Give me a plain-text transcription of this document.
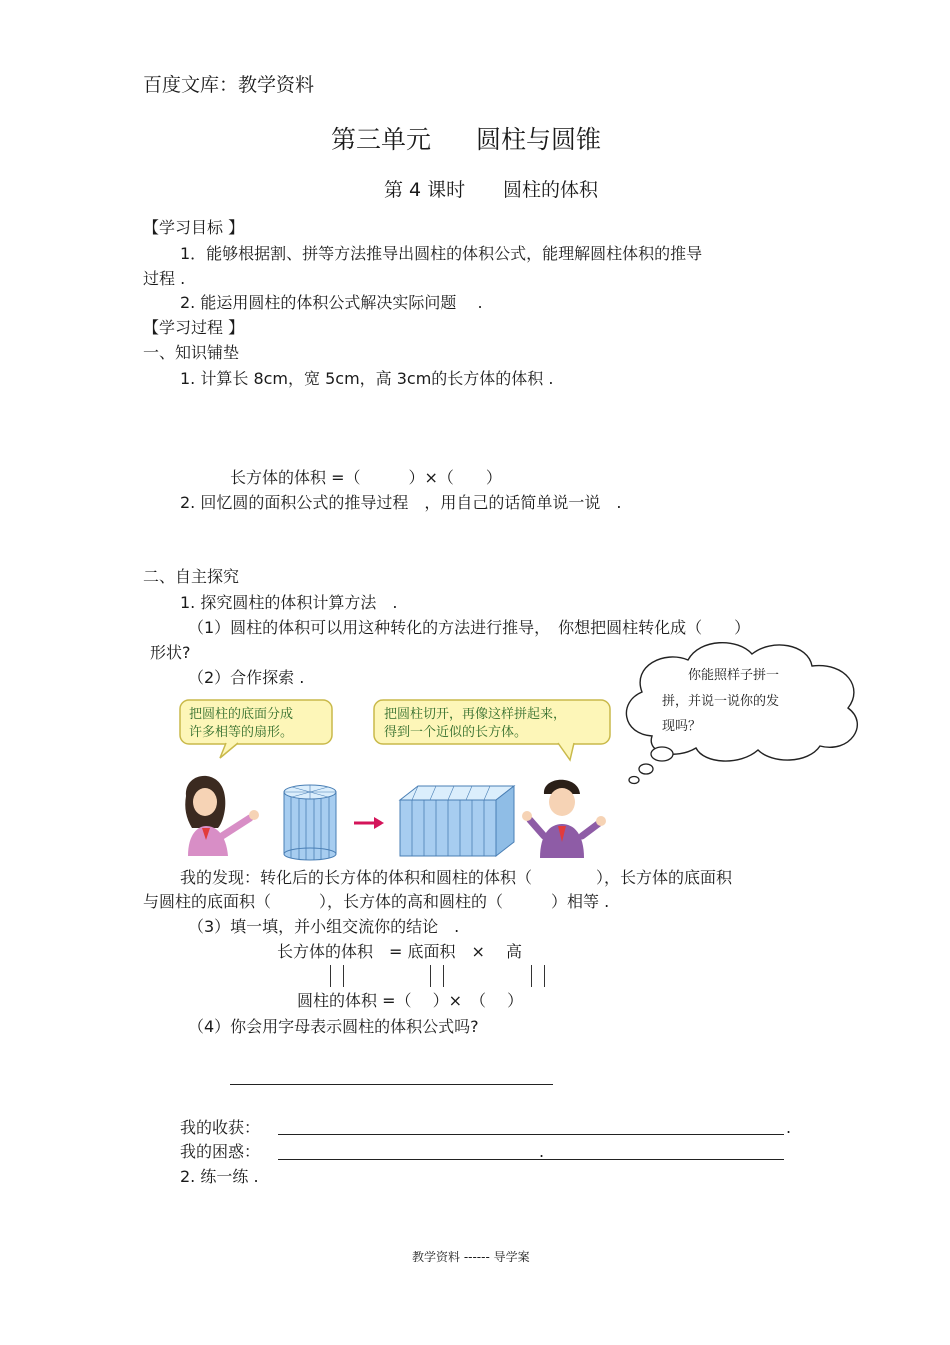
百度文库：教学资料
第三单元 圆柱与圆锥
第 4 课时 圆柱的体积
【学习目标 】
1．能够根据割、拼等方法推导出圆柱的体积公式，能理解圆柱体积的推导
过程 .
2. 能运用圆柱的体积公式解决实际问题　 .
【学习过程 】
一、知识铺垫
1. 计算长 8cm，宽 5cm，高 3cm的长方体的体积 .
长方体的体积 =（　　　）×（　　）
2. 回忆圆的面积公式的推导过程　，用自己的话简单说一说　.
二、自主探究
1. 探究圆柱的体积计算方法　.
（1）圆柱的体积可以用这种转化的方法进行推导，　你想把圆柱转化成（　　）
形状?
（2）合作探索 .	你能照样子拼一
拼，并说一说你的发
现吗？
把圆柱的底面分成
许多相等的扇形。
把圆柱切开，再像这样拼起来，
得到一个近似的长方体。
我的发现：转化后的长方体的体积和圆柱的体积（　　　　），长方体的底面积
与圆柱的底面积（　　　），长方体的高和圆柱的（　　　）相等 .
（3）填一填，并小组交流你的结论　.
长方体的体积　= 底面积　×　 高
圆柱的体积 =（　 ）×　（　 ）
（4）你会用字母表示圆柱的体积公式吗?
我的收获：	.
我的困惑：	.
2. 练一练 .
教学资料 ------ 导学案
